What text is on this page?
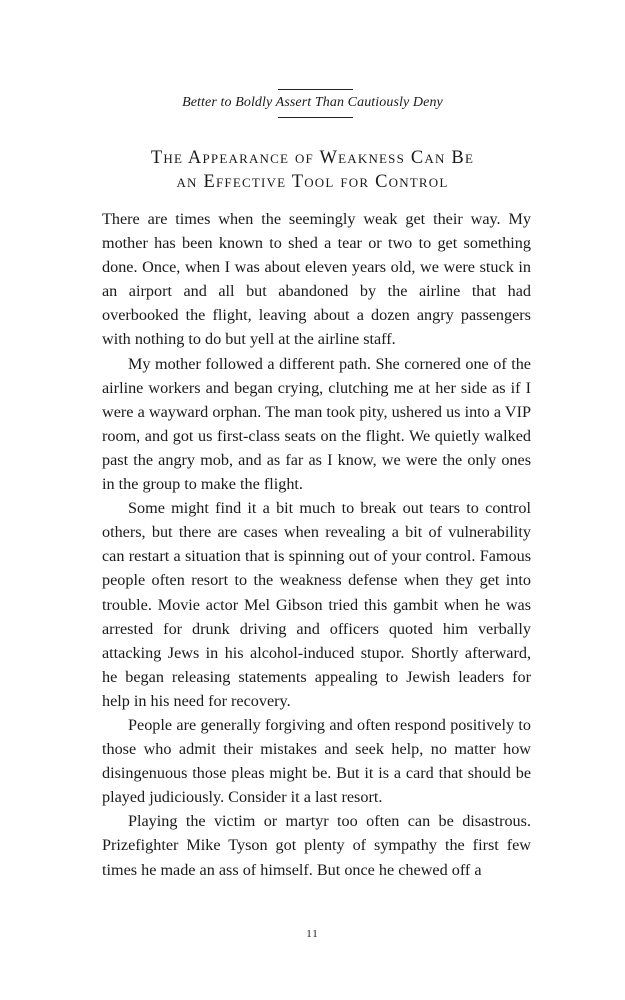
Better to Boldly Assert Than Cautiously Deny
The Appearance of Weakness Can Be
an Effective Tool for Control

There are times when the seemingly weak get their way. My mother has been known to shed a tear or two to get something done. Once, when I was about eleven years old, we were stuck in an airport and all but abandoned by the airline that had overbooked the flight, leaving about a dozen angry passengers with nothing to do but yell at the airline staff.

My mother followed a different path. She cornered one of the airline workers and began crying, clutching me at her side as if I were a wayward orphan. The man took pity, ushered us into a VIP room, and got us first-class seats on the flight. We quietly walked past the angry mob, and as far as I know, we were the only ones in the group to make the flight.

Some might find it a bit much to break out tears to control others, but there are cases when revealing a bit of vulnerability can restart a situation that is spinning out of your control. Famous people often resort to the weakness defense when they get into trouble. Movie actor Mel Gibson tried this gambit when he was arrested for drunk driving and officers quoted him verbally attacking Jews in his alcohol-induced stupor. Shortly afterward, he began releasing statements appealing to Jewish leaders for help in his need for recovery.

People are generally forgiving and often respond positively to those who admit their mistakes and seek help, no matter how disingenuous those pleas might be. But it is a card that should be played judiciously. Consider it a last resort.

Playing the victim or martyr too often can be disastrous. Prizefighter Mike Tyson got plenty of sympathy the first few times he made an ass of himself. But once he chewed off a

11
